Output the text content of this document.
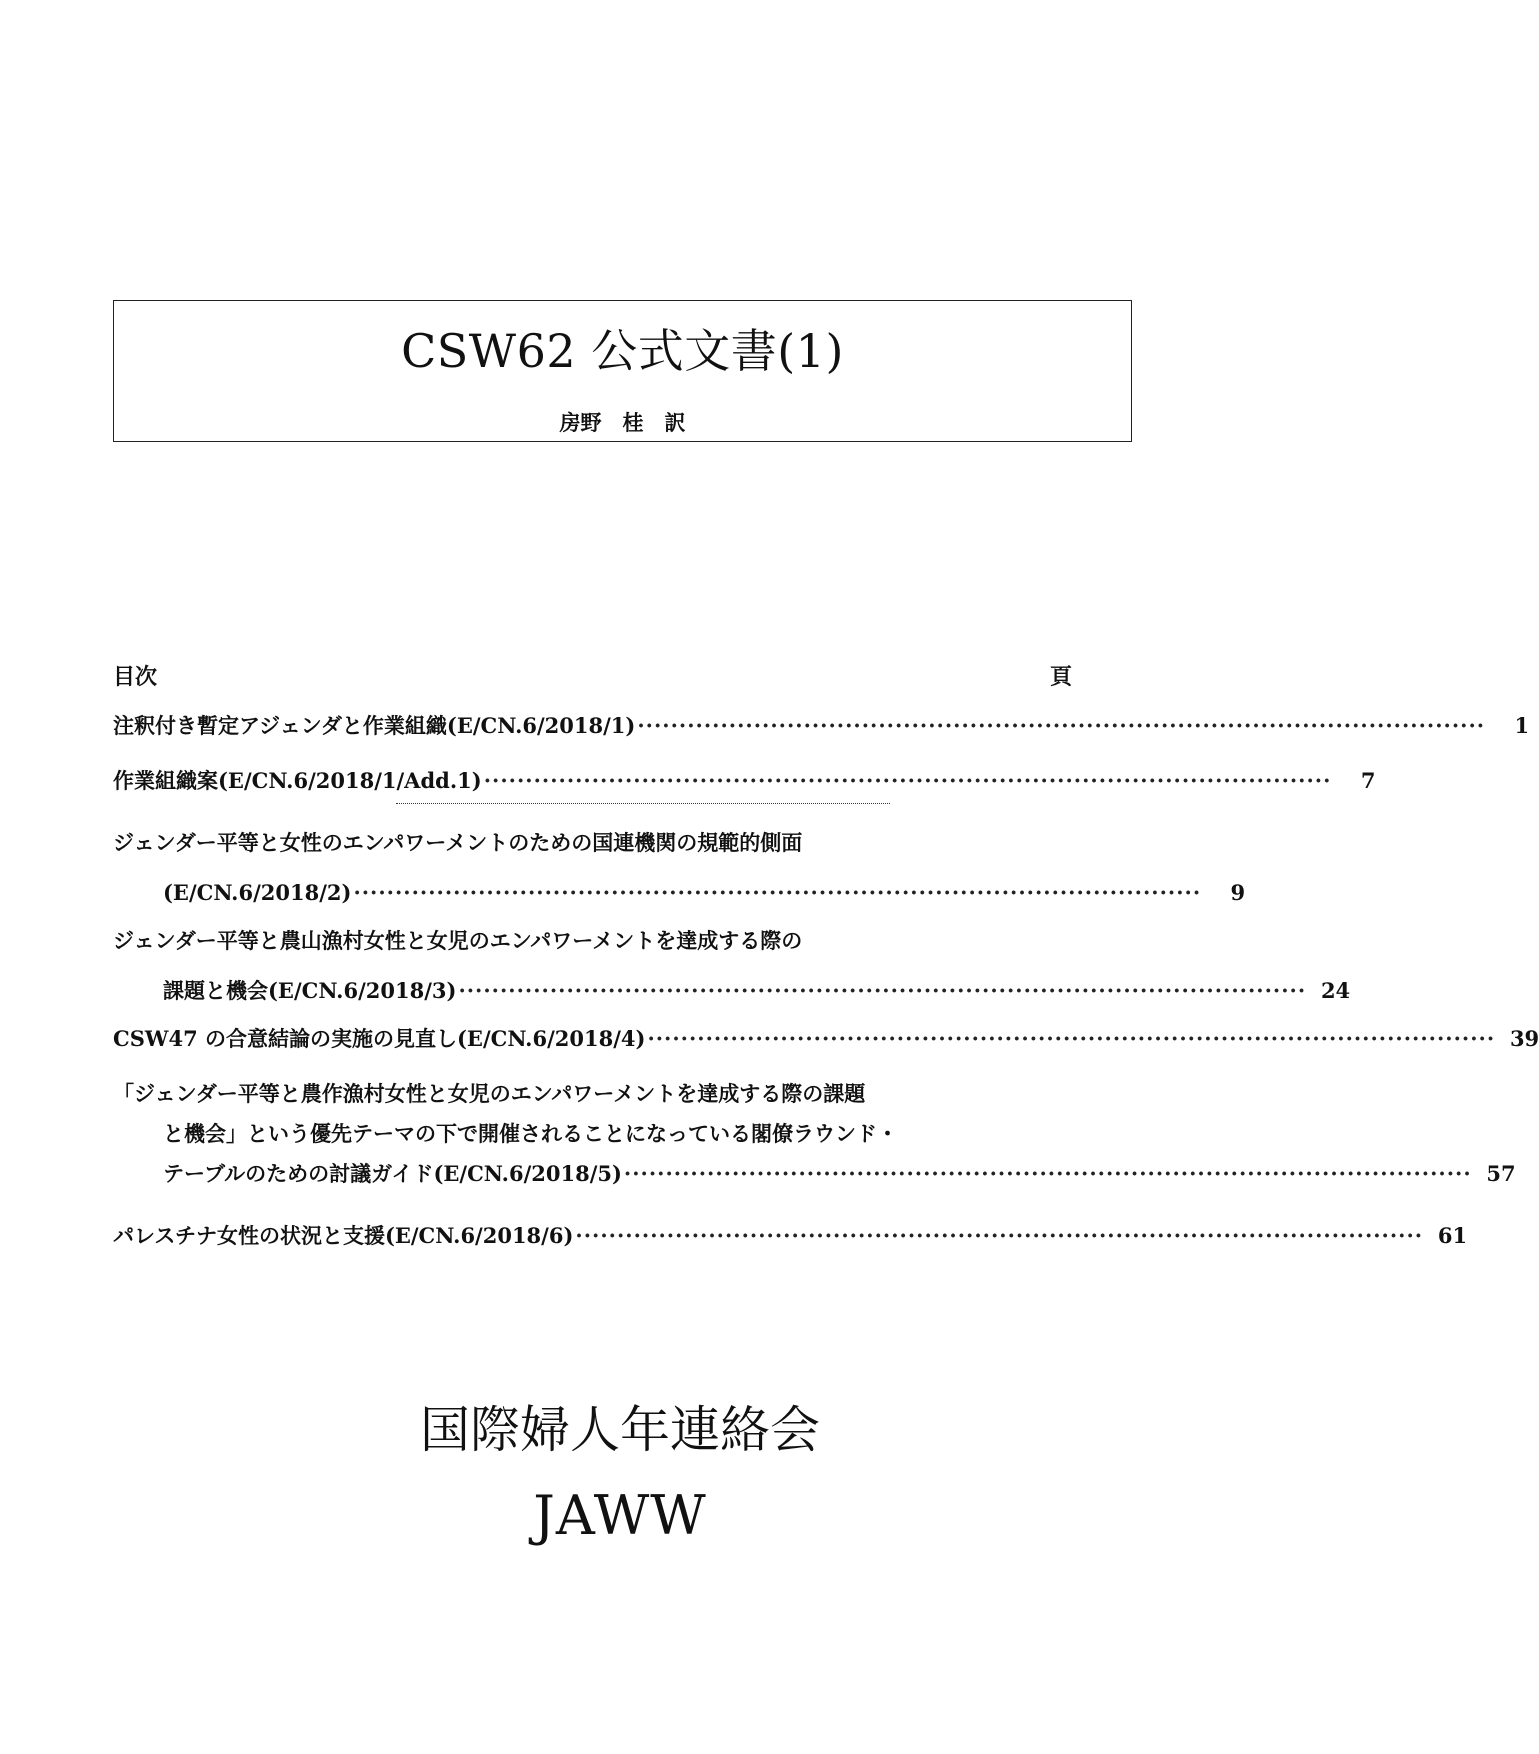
CSW62 公式文書(1)
房野　桂　訳
目次	頁
注釈付き暫定アジェンダと作業組織(E/CN.6/2018/1) ······································································································	1
作業組織案(E/CN.6/2018/1/Add.1) ······································································································	7
ジェンダー平等と女性のエンパワーメントのための国連機関の規範的側面
(E/CN.6/2018/2) ······································································································	9
ジェンダー平等と農山漁村女性と女児のエンパワーメントを達成する際の
課題と機会(E/CN.6/2018/3) ······································································································ 24
CSW47 の合意結論の実施の見直し(E/CN.6/2018/4) ······································································································ 39
「ジェンダー平等と農作漁村女性と女児のエンパワーメントを達成する際の課題
と機会」という優先テーマの下で開催されることになっている閣僚ラウンド・
テーブルのための討議ガイド(E/CN.6/2018/5) ······································································································ 57
パレスチナ女性の状況と支援(E/CN.6/2018/6) ······································································································ 61
国際婦人年連絡会
JAWW
